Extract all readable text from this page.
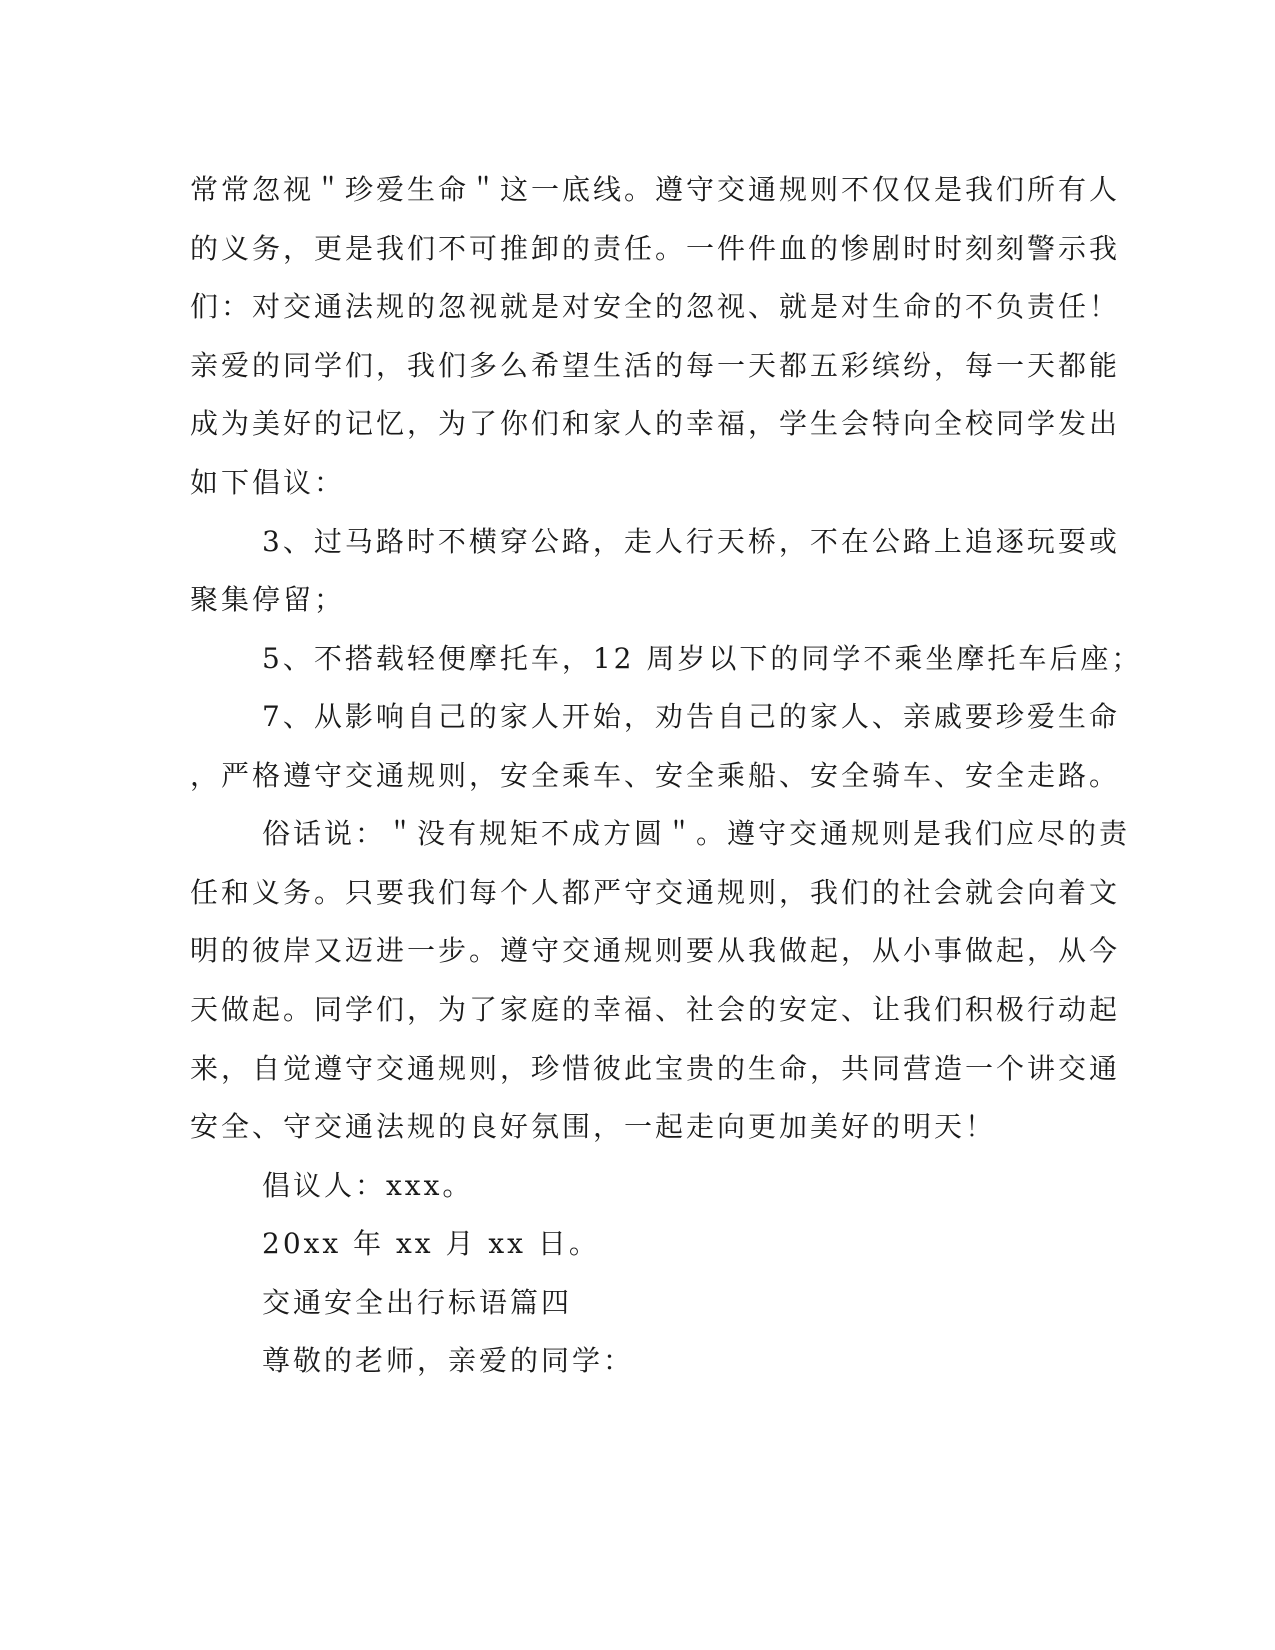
常常忽视＂珍爱生命＂这一底线。遵守交通规则不仅仅是我们所有人
的义务，更是我们不可推卸的责任。一件件血的惨剧时时刻刻警示我
们：对交通法规的忽视就是对安全的忽视、就是对生命的不负责任！
亲爱的同学们，我们多么希望生活的每一天都五彩缤纷，每一天都能
成为美好的记忆，为了你们和家人的幸福，学生会特向全校同学发出
如下倡议：
3、过马路时不横穿公路，走人行天桥，不在公路上追逐玩耍或
聚集停留；
5、不搭载轻便摩托车，12 周岁以下的同学不乘坐摩托车后座；
7、从影响自己的家人开始，劝告自己的家人、亲戚要珍爱生命
，严格遵守交通规则，安全乘车、安全乘船、安全骑车、安全走路。
俗话说：＂没有规矩不成方圆＂。遵守交通规则是我们应尽的责
任和义务。只要我们每个人都严守交通规则，我们的社会就会向着文
明的彼岸又迈进一步。遵守交通规则要从我做起，从小事做起，从今
天做起。同学们，为了家庭的幸福、社会的安定、让我们积极行动起
来，自觉遵守交通规则，珍惜彼此宝贵的生命，共同营造一个讲交通
安全、守交通法规的良好氛围，一起走向更加美好的明天！
倡议人：xxx。
20xx 年 xx 月 xx 日。
交通安全出行标语篇四
尊敬的老师，亲爱的同学：
